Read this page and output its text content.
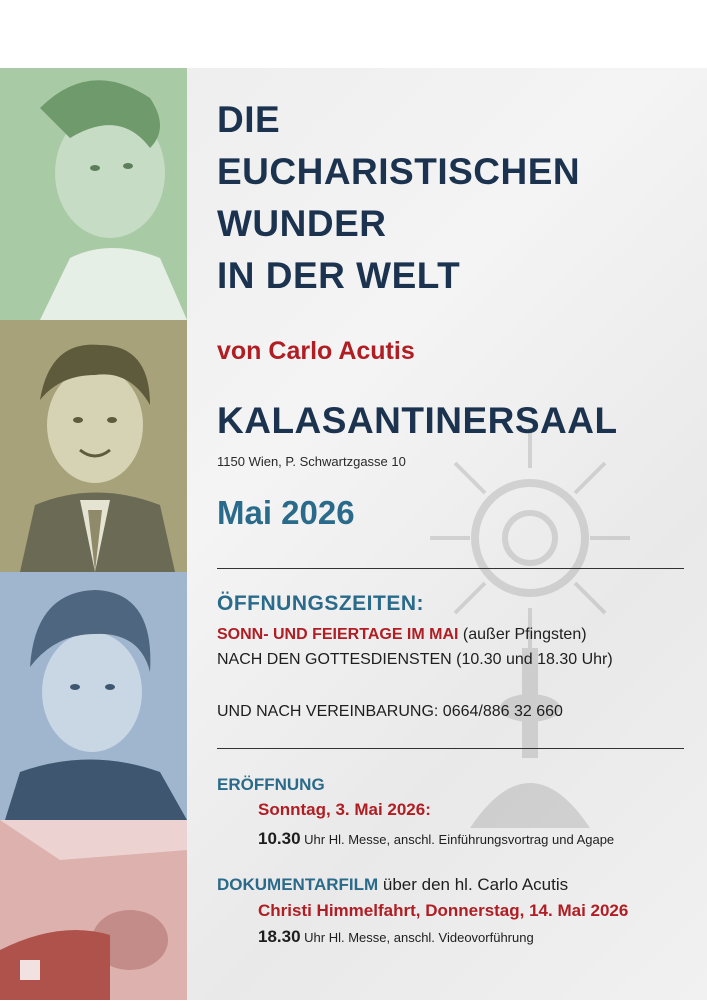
DIE
EUCHARISTISCHEN
WUNDER
IN DER WELT
von Carlo Acutis
KALASANTINERSAAL
1150 Wien, P. Schwartzgasse 10
Mai 2026
ÖFFNUNGSZEITEN:
SONN- UND FEIERTAGE IM MAI (außer Pfingsten)
NACH DEN GOTTESDIENSTEN (10.30 und 18.30 Uhr)
UND NACH VEREINBARUNG: 0664/886 32 660
ERÖFFNUNG
Sonntag, 3. Mai 2026:
10.30 Uhr Hl. Messe, anschl. Einführungsvortrag und Agape
DOKUMENTARFILM über den hl. Carlo Acutis
Christi Himmelfahrt, Donnerstag, 14. Mai 2026
18.30 Uhr Hl. Messe, anschl. Videovorführung
